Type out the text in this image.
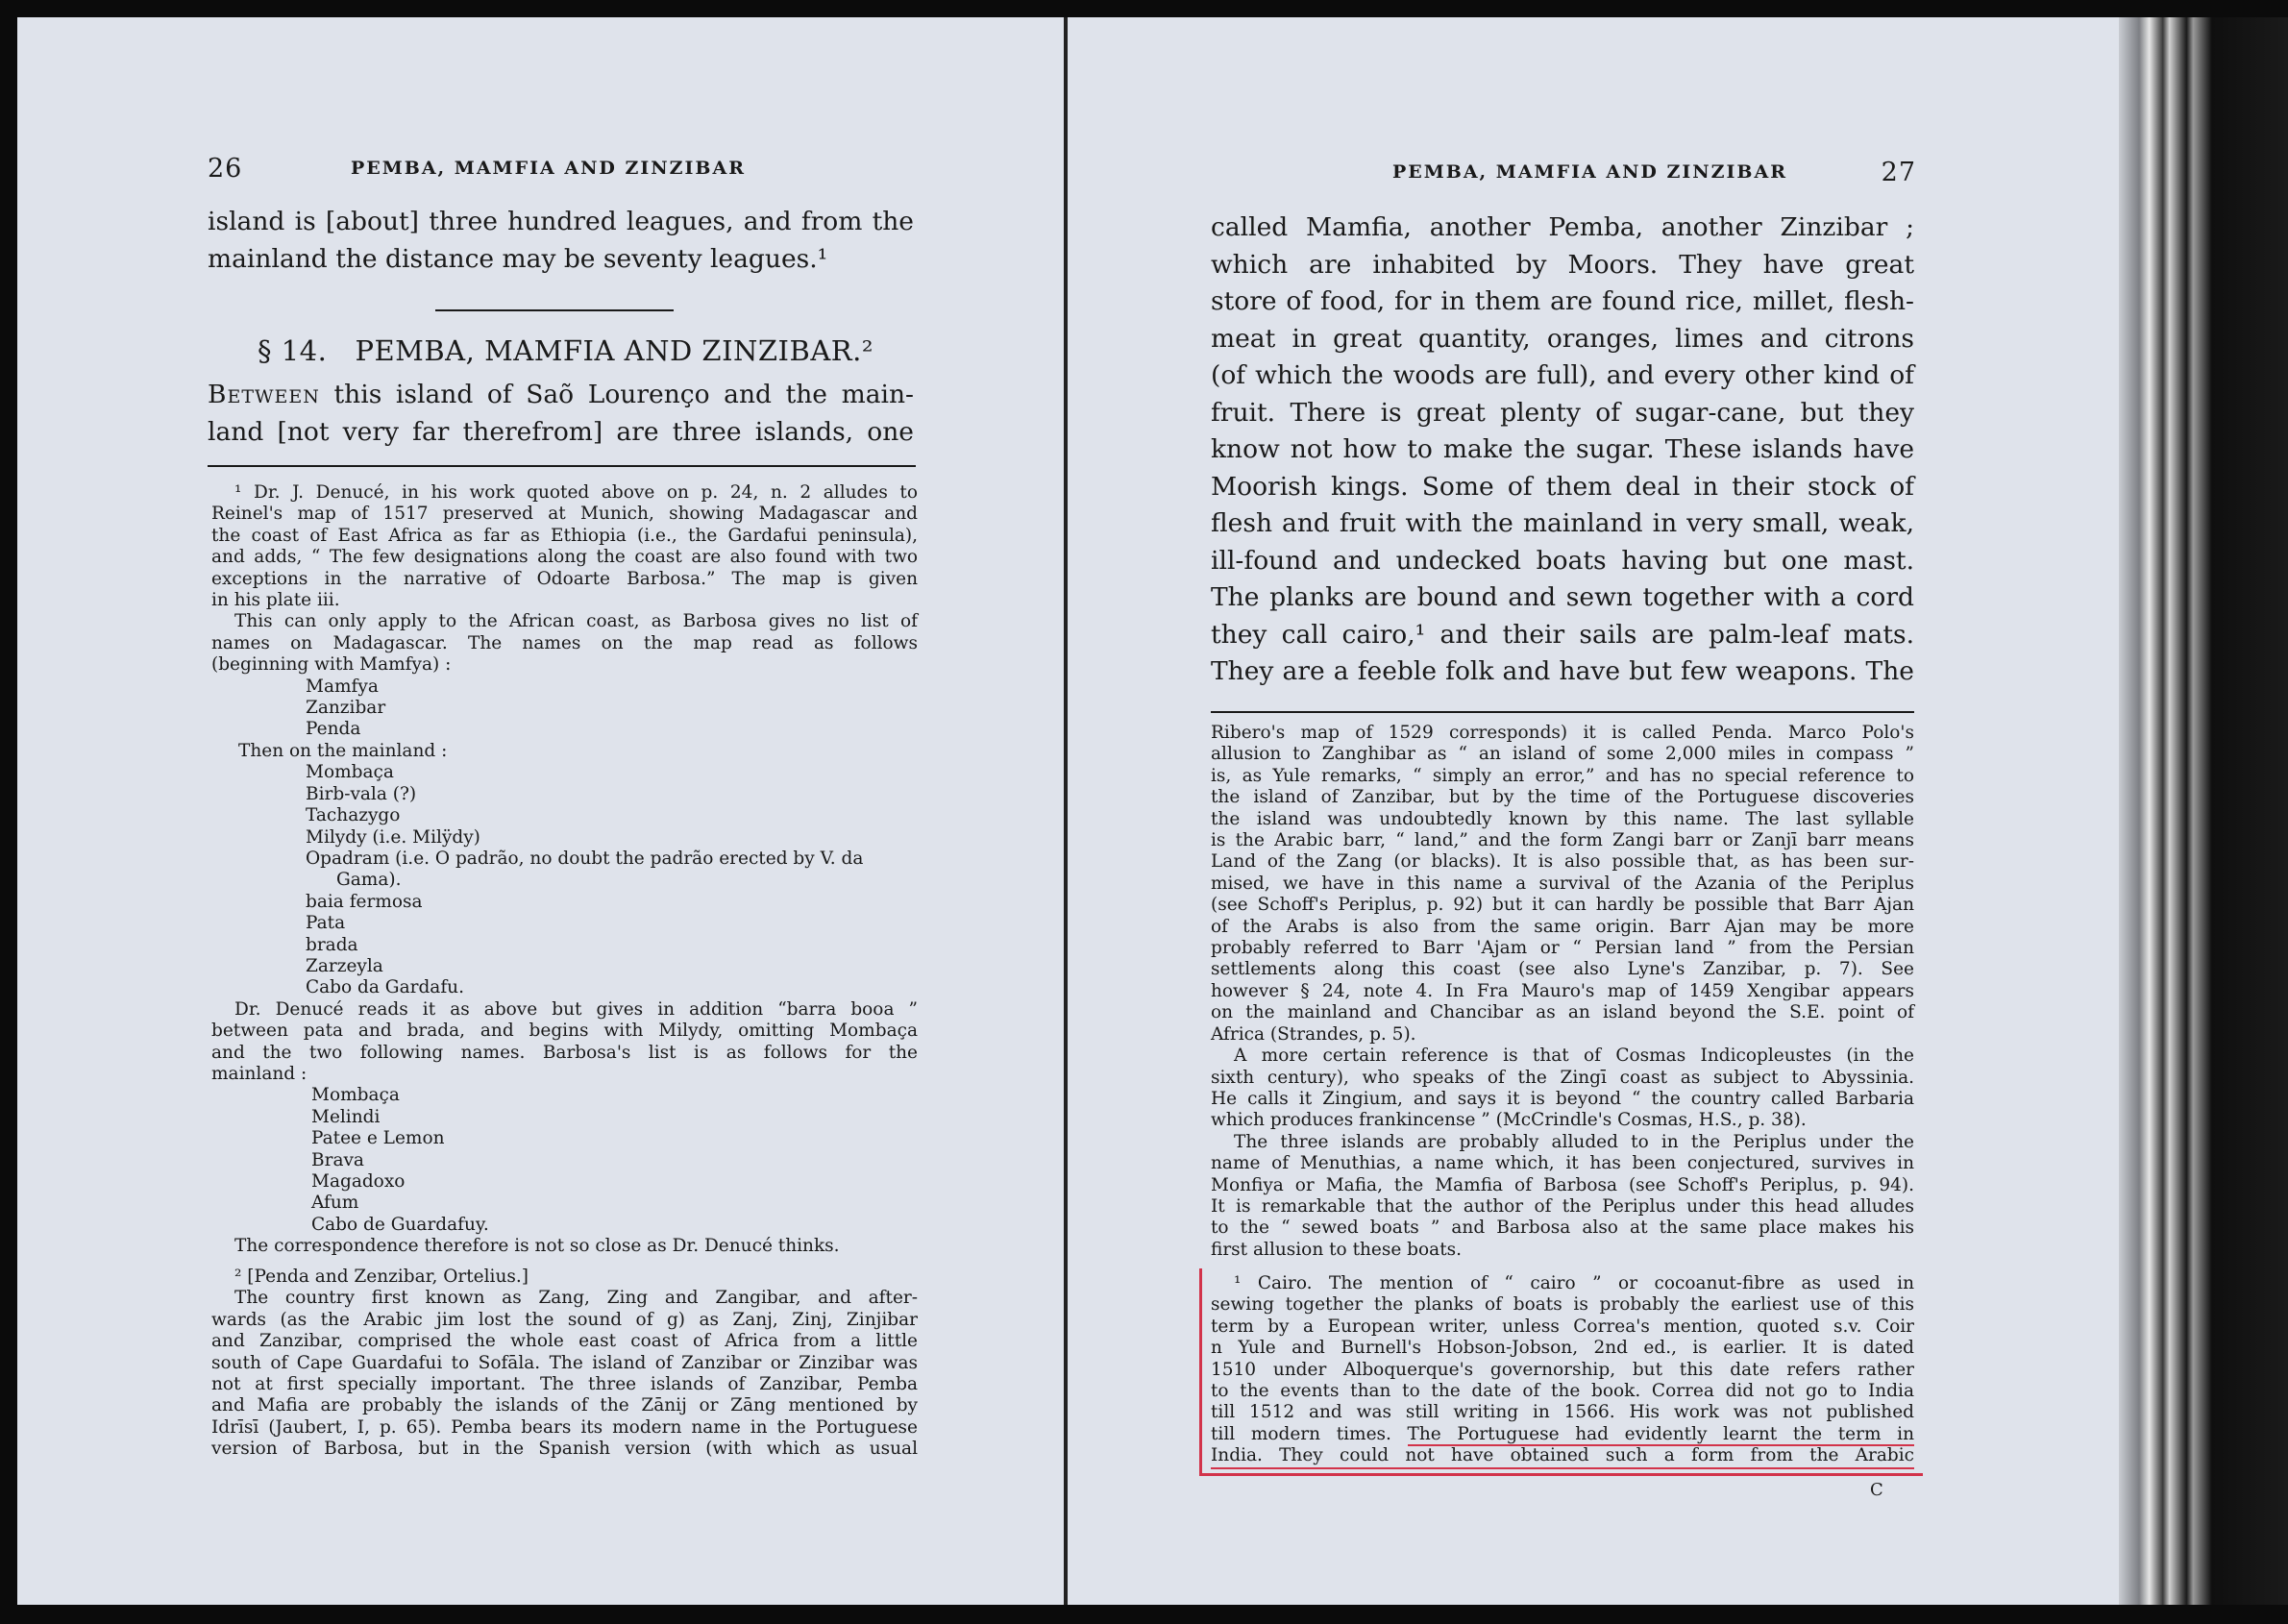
26	PEMBA, MAMFIA AND ZINZIBAR
island is [about] three hundred leagues, and from the
mainland the distance may be seventy leagues.¹
§ 14. PEMBA, MAMFIA AND ZINZIBAR.²
Between this island of Saõ Lourenço and the main-
land [not very far therefrom] are three islands, one
¹ Dr. J. Denucé, in his work quoted above on p. 24, n. 2 alludes to
Reinel's map of 1517 preserved at Munich, showing Madagascar and
the coast of East Africa as far as Ethiopia (i.e., the Gardafui peninsula),
and adds, “ The few designations along the coast are also found with two
exceptions in the narrative of Odoarte Barbosa.” The map is given
in his plate iii.
This can only apply to the African coast, as Barbosa gives no list of
names on Madagascar. The names on the map read as follows
(beginning with Mamfya) :
Mamfya
Zanzibar
Penda
Then on the mainland :
Mombaça
Birb-vala (?)
Tachazygo
Milydy (i.e. Milÿdy)
Opadram (i.e. O padrão, no doubt the padrão erected by V. da
Gama).
baia fermosa
Pata
brada
Zarzeyla
Cabo da Gardafu.
Dr. Denucé reads it as above but gives in addition “barra booa ”
between pata and brada, and begins with Milydy, omitting Mombaça
and the two following names. Barbosa's list is as follows for the
mainland :
Mombaça
Melindi
Patee e Lemon
Brava
Magadoxo
Afum
Cabo de Guardafuy.
The correspondence therefore is not so close as Dr. Denucé thinks.
² [Penda and Zenzibar, Ortelius.]
The country first known as Zang, Zing and Zangibar, and after-
wards (as the Arabic jim lost the sound of g) as Zanj, Zinj, Zinjibar
and Zanzibar, comprised the whole east coast of Africa from a little
south of Cape Guardafui to Sofāla. The island of Zanzibar or Zinzibar was
not at first specially important. The three islands of Zanzibar, Pemba
and Mafia are probably the islands of the Zānij or Zāng mentioned by
Idrīsī (Jaubert, I, p. 65). Pemba bears its modern name in the Portuguese
version of Barbosa, but in the Spanish version (with which as usual
PEMBA, MAMFIA AND ZINZIBAR	27
called Mamfia, another Pemba, another Zinzibar ;
which are inhabited by Moors. They have great
store of food, for in them are found rice, millet, flesh-
meat in great quantity, oranges, limes and citrons
(of which the woods are full), and every other kind of
fruit. There is great plenty of sugar-cane, but they
know not how to make the sugar. These islands have
Moorish kings. Some of them deal in their stock of
flesh and fruit with the mainland in very small, weak,
ill-found and undecked boats having but one mast.
The planks are bound and sewn together with a cord
they call cairo,¹ and their sails are palm-leaf mats.
They are a feeble folk and have but few weapons. The
Ribero's map of 1529 corresponds) it is called Penda. Marco Polo's
allusion to Zanghibar as “ an island of some 2,000 miles in compass ”
is, as Yule remarks, “ simply an error,” and has no special reference to
the island of Zanzibar, but by the time of the Portuguese discoveries
the island was undoubtedly known by this name. The last syllable
is the Arabic barr, “ land,” and the form Zangi barr or Zanjī barr means
Land of the Zang (or blacks). It is also possible that, as has been sur-
mised, we have in this name a survival of the Azania of the Periplus
(see Schoff's Periplus, p. 92) but it can hardly be possible that Barr Ajan
of the Arabs is also from the same origin. Barr Ajan may be more
probably referred to Barr 'Ajam or “ Persian land ” from the Persian
settlements along this coast (see also Lyne's Zanzibar, p. 7). See
however § 24, note 4. In Fra Mauro's map of 1459 Xengibar appears
on the mainland and Chancibar as an island beyond the S.E. point of
Africa (Strandes, p. 5).
A more certain reference is that of Cosmas Indicopleustes (in the
sixth century), who speaks of the Zingī coast as subject to Abyssinia.
He calls it Zingium, and says it is beyond “ the country called Barbaria
which produces frankincense ” (McCrindle's Cosmas, H.S., p. 38).
The three islands are probably alluded to in the Periplus under the
name of Menuthias, a name which, it has been conjectured, survives in
Monfiya or Mafia, the Mamfia of Barbosa (see Schoff's Periplus, p. 94).
It is remarkable that the author of the Periplus under this head alludes
to the “ sewed boats ” and Barbosa also at the same place makes his
first allusion to these boats.
¹ Cairo. The mention of “ cairo ” or cocoanut-fibre as used in
sewing together the planks of boats is probably the earliest use of this
term by a European writer, unless Correa's mention, quoted s.v. Coir
n Yule and Burnell's Hobson-Jobson, 2nd ed., is earlier. It is dated
1510 under Alboquerque's governorship, but this date refers rather
to the events than to the date of the book. Correa did not go to India
till 1512 and was still writing in 1566. His work was not published
till modern times. The Portuguese had evidently learnt the term in
India. They could not have obtained such a form from the Arabic
C
